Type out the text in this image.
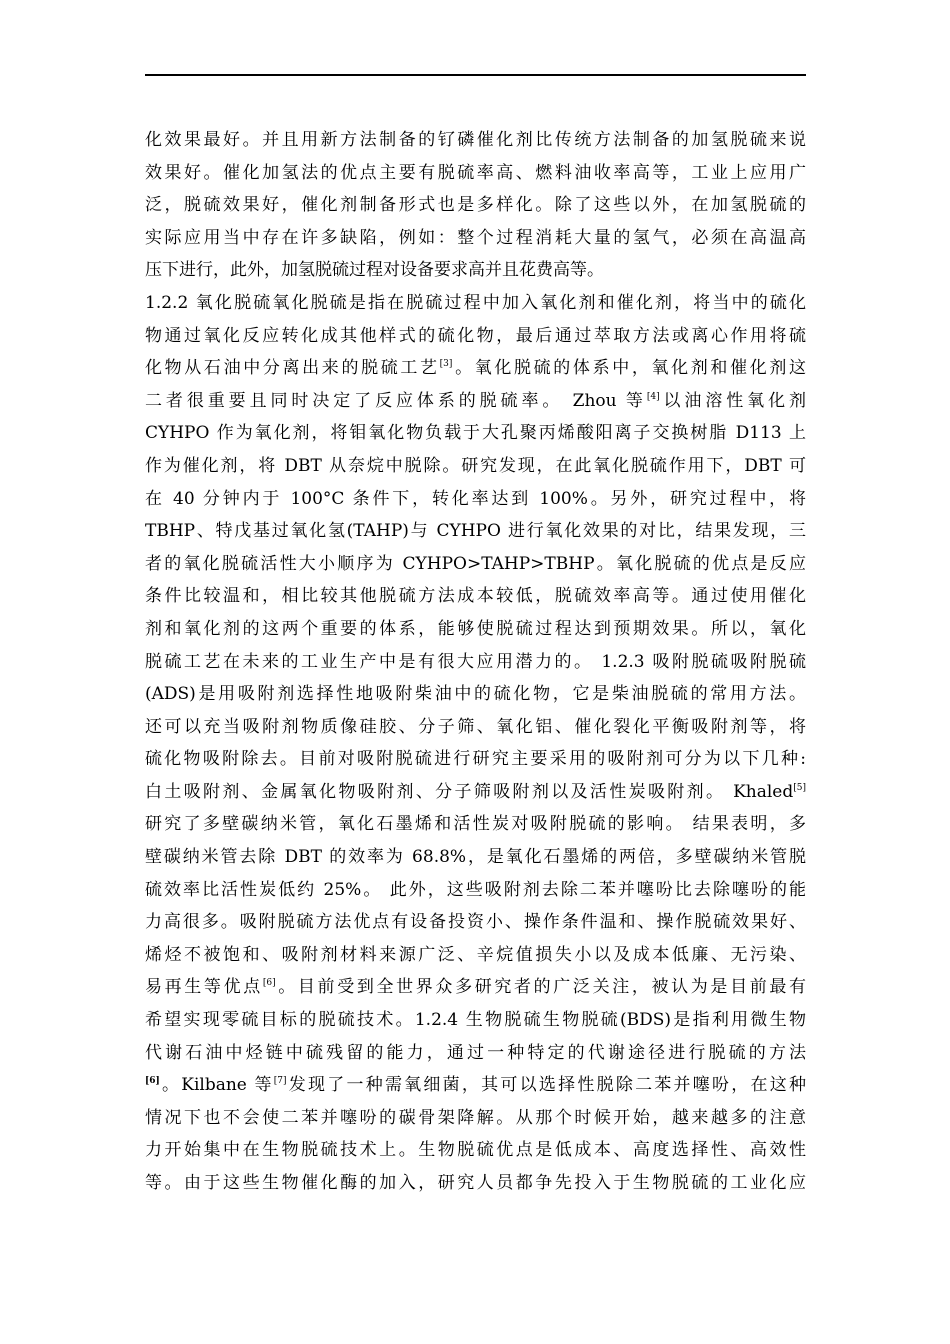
化效果最好。并且用新方法制备的钌磷催化剂比传统方法制备的加氢脱硫来说
效果好。催化加氢法的优点主要有脱硫率高、燃料油收率高等，工业上应用广
泛，脱硫效果好，催化剂制备形式也是多样化。除了这些以外，在加氢脱硫的
实际应用当中存在许多缺陷，例如：整个过程消耗大量的氢气，必须在高温高
压下进行，此外，加氢脱硫过程对设备要求高并且花费高等。
1.2.2 氧化脱硫氧化脱硫是指在脱硫过程中加入氧化剂和催化剂，将当中的硫化
物通过氧化反应转化成其他样式的硫化物，最后通过萃取方法或离心作用将硫
化物从石油中分离出来的脱硫工艺[3]。氧化脱硫的体系中，氧化剂和催化剂这
二者很重要且同时决定了反应体系的脱硫率。 Zhou 等[4]以油溶性氧化剂
CYHPO 作为氧化剂，将钼氧化物负载于大孔聚丙烯酸阳离子交换树脂 D113 上
作为催化剂，将 DBT 从奈烷中脱除。研究发现，在此氧化脱硫作用下，DBT 可
在 40 分钟内于 100°C 条件下，转化率达到 100%。另外，研究过程中，将
TBHP、特戊基过氧化氢(TAHP)与 CYHPO 进行氧化效果的对比，结果发现，三
者的氧化脱硫活性大小顺序为 CYHPO>TAHP>TBHP。氧化脱硫的优点是反应
条件比较温和，相比较其他脱硫方法成本较低，脱硫效率高等。通过使用催化
剂和氧化剂的这两个重要的体系，能够使脱硫过程达到预期效果。所以，氧化
脱硫工艺在未来的工业生产中是有很大应用潜力的。 1.2.3 吸附脱硫吸附脱硫
(ADS)是用吸附剂选择性地吸附柴油中的硫化物，它是柴油脱硫的常用方法。
还可以充当吸附剂物质像硅胶、分子筛、氧化铝、催化裂化平衡吸附剂等，将
硫化物吸附除去。目前对吸附脱硫进行研究主要采用的吸附剂可分为以下几种:
白土吸附剂、金属氧化物吸附剂、分子筛吸附剂以及活性炭吸附剂。 Khaled[5]
研究了多壁碳纳米管，氧化石墨烯和活性炭对吸附脱硫的影响。 结果表明，多
壁碳纳米管去除 DBT 的效率为 68.8%，是氧化石墨烯的两倍，多壁碳纳米管脱
硫效率比活性炭低约 25%。 此外，这些吸附剂去除二苯并噻吩比去除噻吩的能
力高很多。吸附脱硫方法优点有设备投资小、操作条件温和、操作脱硫效果好、
烯烃不被饱和、吸附剂材料来源广泛、辛烷值损失小以及成本低廉、无污染、
易再生等优点[6]。目前受到全世界众多研究者的广泛关注，被认为是目前最有
希望实现零硫目标的脱硫技术。1.2.4 生物脱硫生物脱硫(BDS)是指利用微生物
代谢石油中烃链中硫残留的能力，通过一种特定的代谢途径进行脱硫的方法
[6]。Kilbane 等[7]发现了一种需氧细菌，其可以选择性脱除二苯并噻吩，在这种
情况下也不会使二苯并噻吩的碳骨架降解。从那个时候开始，越来越多的注意
力开始集中在生物脱硫技术上。生物脱硫优点是低成本、高度选择性、高效性
等。由于这些生物催化酶的加入，研究人员都争先投入于生物脱硫的工业化应
